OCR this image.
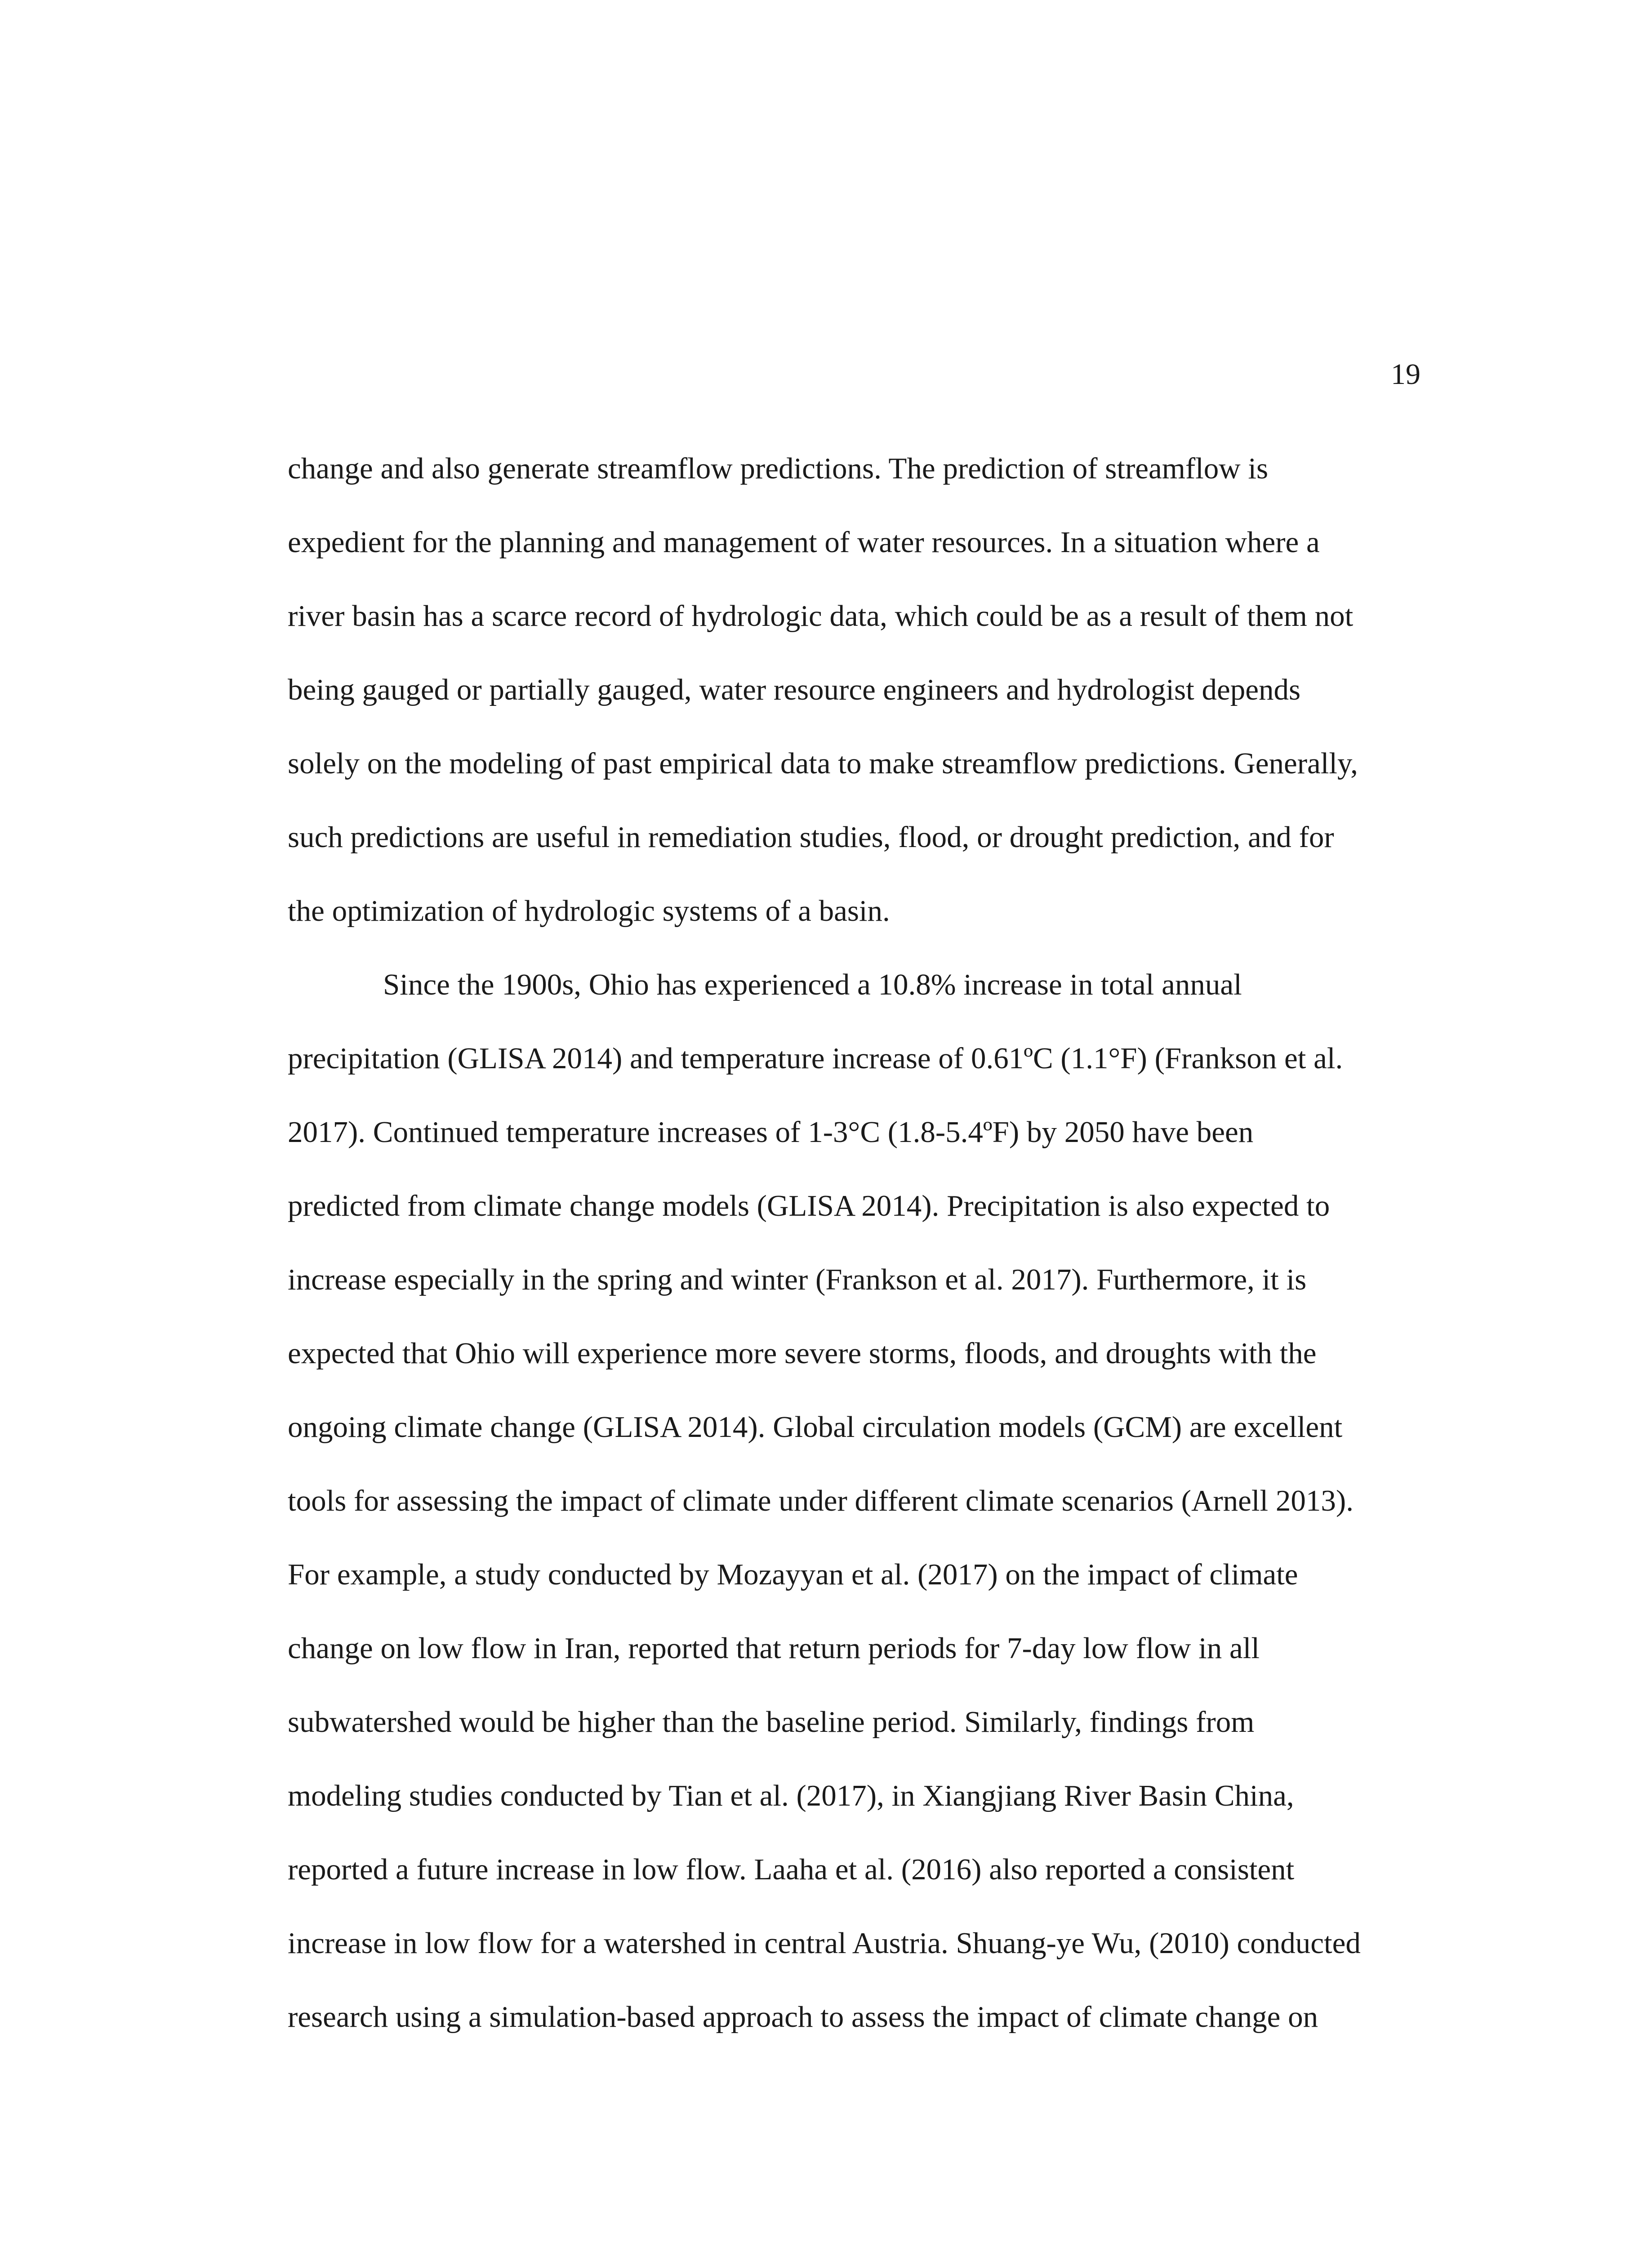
19
change and also generate streamflow predictions. The prediction of streamflow is
expedient for the planning and management of water resources. In a situation where a
river basin has a scarce record of hydrologic data, which could be as a result of them not
being gauged or partially gauged, water resource engineers and hydrologist depends
solely on the modeling of past empirical data to make streamflow predictions. Generally,
such predictions are useful in remediation studies, flood, or drought prediction, and for
the optimization of hydrologic systems of a basin.
Since the 1900s, Ohio has experienced a 10.8% increase in total annual
precipitation (GLISA 2014) and temperature increase of 0.61ºC (1.1°F) (Frankson et al.
2017). Continued temperature increases of 1-3°C (1.8-5.4ºF) by 2050 have been
predicted from climate change models (GLISA 2014). Precipitation is also expected to
increase especially in the spring and winter (Frankson et al. 2017). Furthermore, it is
expected that Ohio will experience more severe storms, floods, and droughts with the
ongoing climate change (GLISA 2014). Global circulation models (GCM) are excellent
tools for assessing the impact of climate under different climate scenarios (Arnell 2013).
For example, a study conducted by Mozayyan et al. (2017) on the impact of climate
change on low flow in Iran, reported that return periods for 7-day low flow in all
subwatershed would be higher than the baseline period. Similarly, findings from
modeling studies conducted by Tian et al. (2017), in Xiangjiang River Basin China,
reported a future increase in low flow. Laaha et al. (2016) also reported a consistent
increase in low flow for a watershed in central Austria. Shuang-ye Wu, (2010) conducted
research using a simulation-based approach to assess the impact of climate change on
